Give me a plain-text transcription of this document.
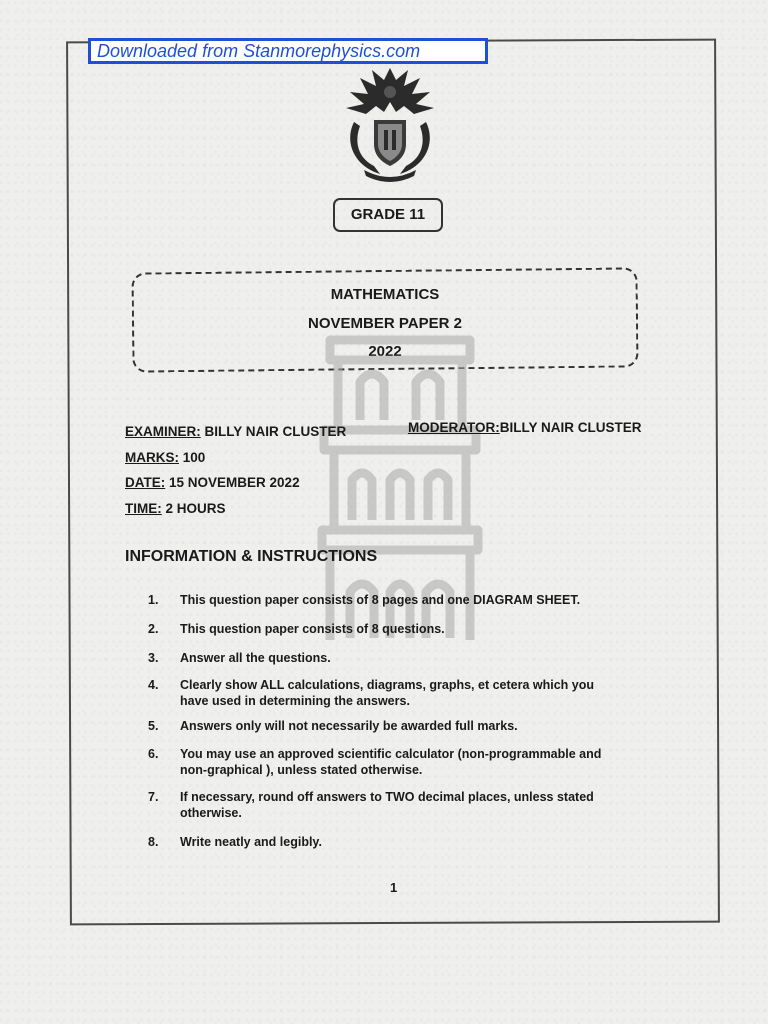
Downloaded from Stanmorephysics.com
GRADE 11
MATHEMATICS
NOVEMBER PAPER 2
2022
EXAMINER: BILLY NAIR CLUSTER	MODERATOR:BILLY NAIR CLUSTER
MARKS: 100
DATE: 15 NOVEMBER 2022
TIME: 2 HOURS
INFORMATION & INSTRUCTIONS
1. This question paper consists of 8 pages and one DIAGRAM SHEET.
2. This question paper consists of 8 questions.
3. Answer all the questions.
4. Clearly show ALL calculations, diagrams, graphs, et cetera which you have used in determining the answers.
5. Answers only will not necessarily be awarded full marks.
6. You may use an approved scientific calculator (non-programmable and non-graphical ), unless stated otherwise.
7. If necessary, round off answers to TWO decimal places, unless stated otherwise.
8. Write neatly and legibly.
1
